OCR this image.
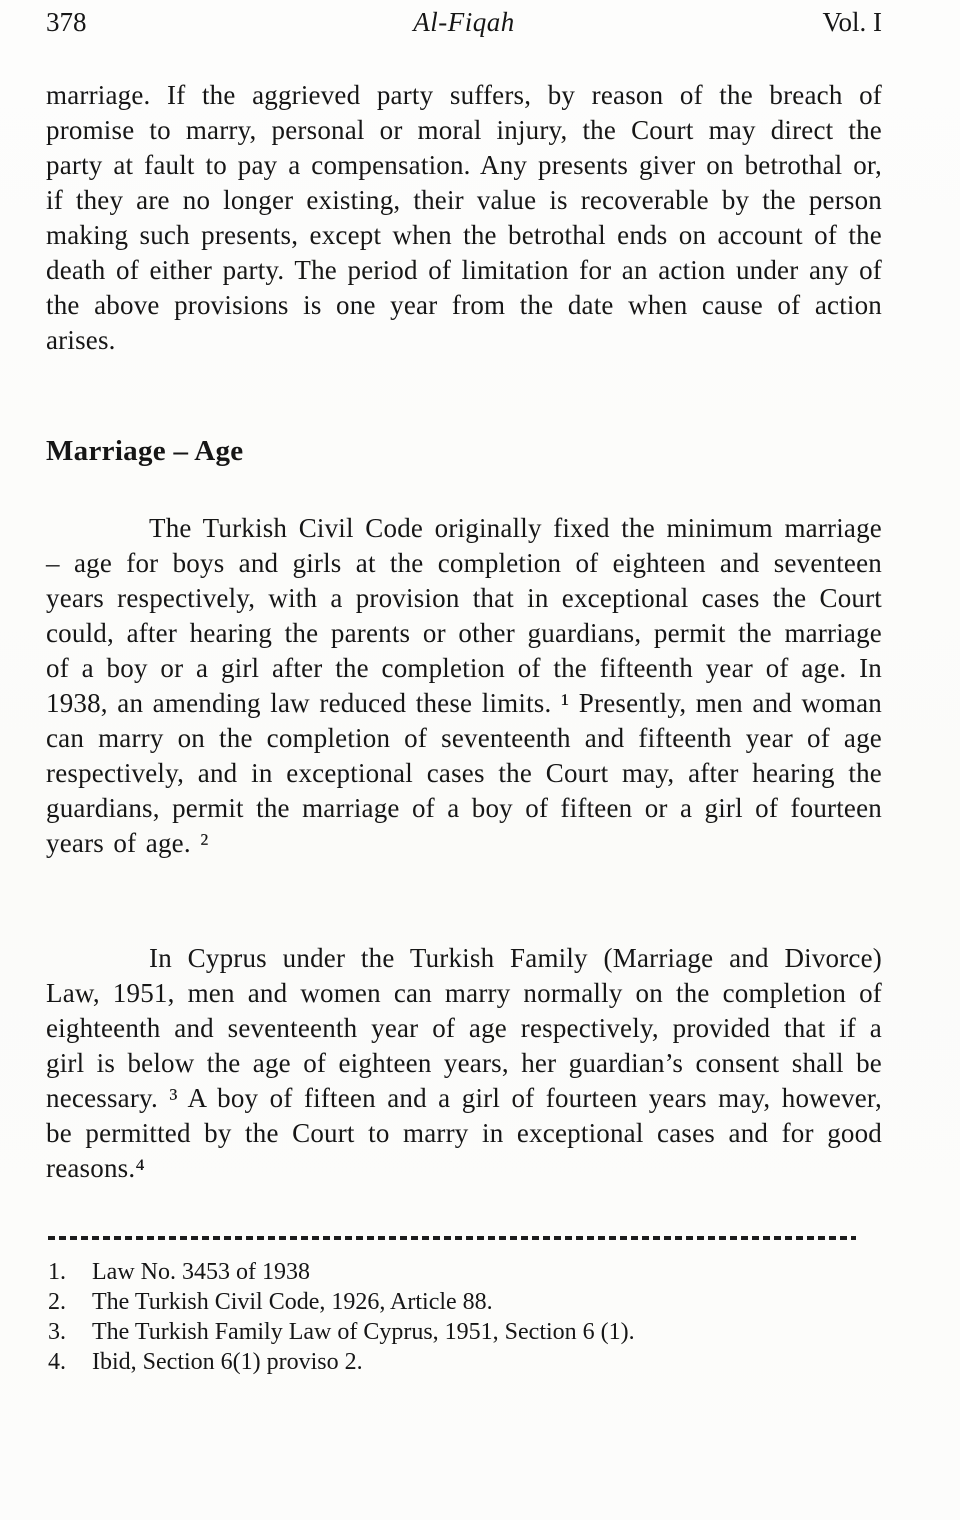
378	Al-Fiqah	Vol. I

marriage. If the aggrieved party suffers, by reason of the breach of promise to marry, personal or moral injury, the Court may direct the party at fault to pay a compensation. Any presents giver on betrothal or, if they are no longer existing, their value is recoverable by the person making such presents, except when the betrothal ends on account of the death of either party. The period of limitation for an action under any of the above provisions is one year from the date when cause of action arises.

Marriage – Age

The Turkish Civil Code originally fixed the minimum marriage – age for boys and girls at the completion of eighteen and seventeen years respectively, with a provision that in exceptional cases the Court could, after hearing the parents or other guardians, permit the marriage of a boy or a girl after the completion of the fifteenth year of age. In 1938, an amending law reduced these limits. ¹ Presently, men and woman can marry on the completion of seventeenth and fifteenth year of age respectively, and in exceptional cases the Court may, after hearing the guardians, permit the marriage of a boy of fifteen or a girl of fourteen years of age. ²

In Cyprus under the Turkish Family (Marriage and Divorce) Law, 1951, men and women can marry normally on the completion of eighteenth and seventeenth year of age respectively, provided that if a girl is below the age of eighteen years, her guardian’s consent shall be necessary. ³ A boy of fifteen and a girl of fourteen years may, however, be permitted by the Court to marry in exceptional cases and for good reasons.⁴

1.	Law No. 3453 of 1938
2.	The Turkish Civil Code, 1926, Article 88.
3.	The Turkish Family Law of Cyprus, 1951, Section 6 (1).
4.	Ibid, Section 6(1) proviso 2.
